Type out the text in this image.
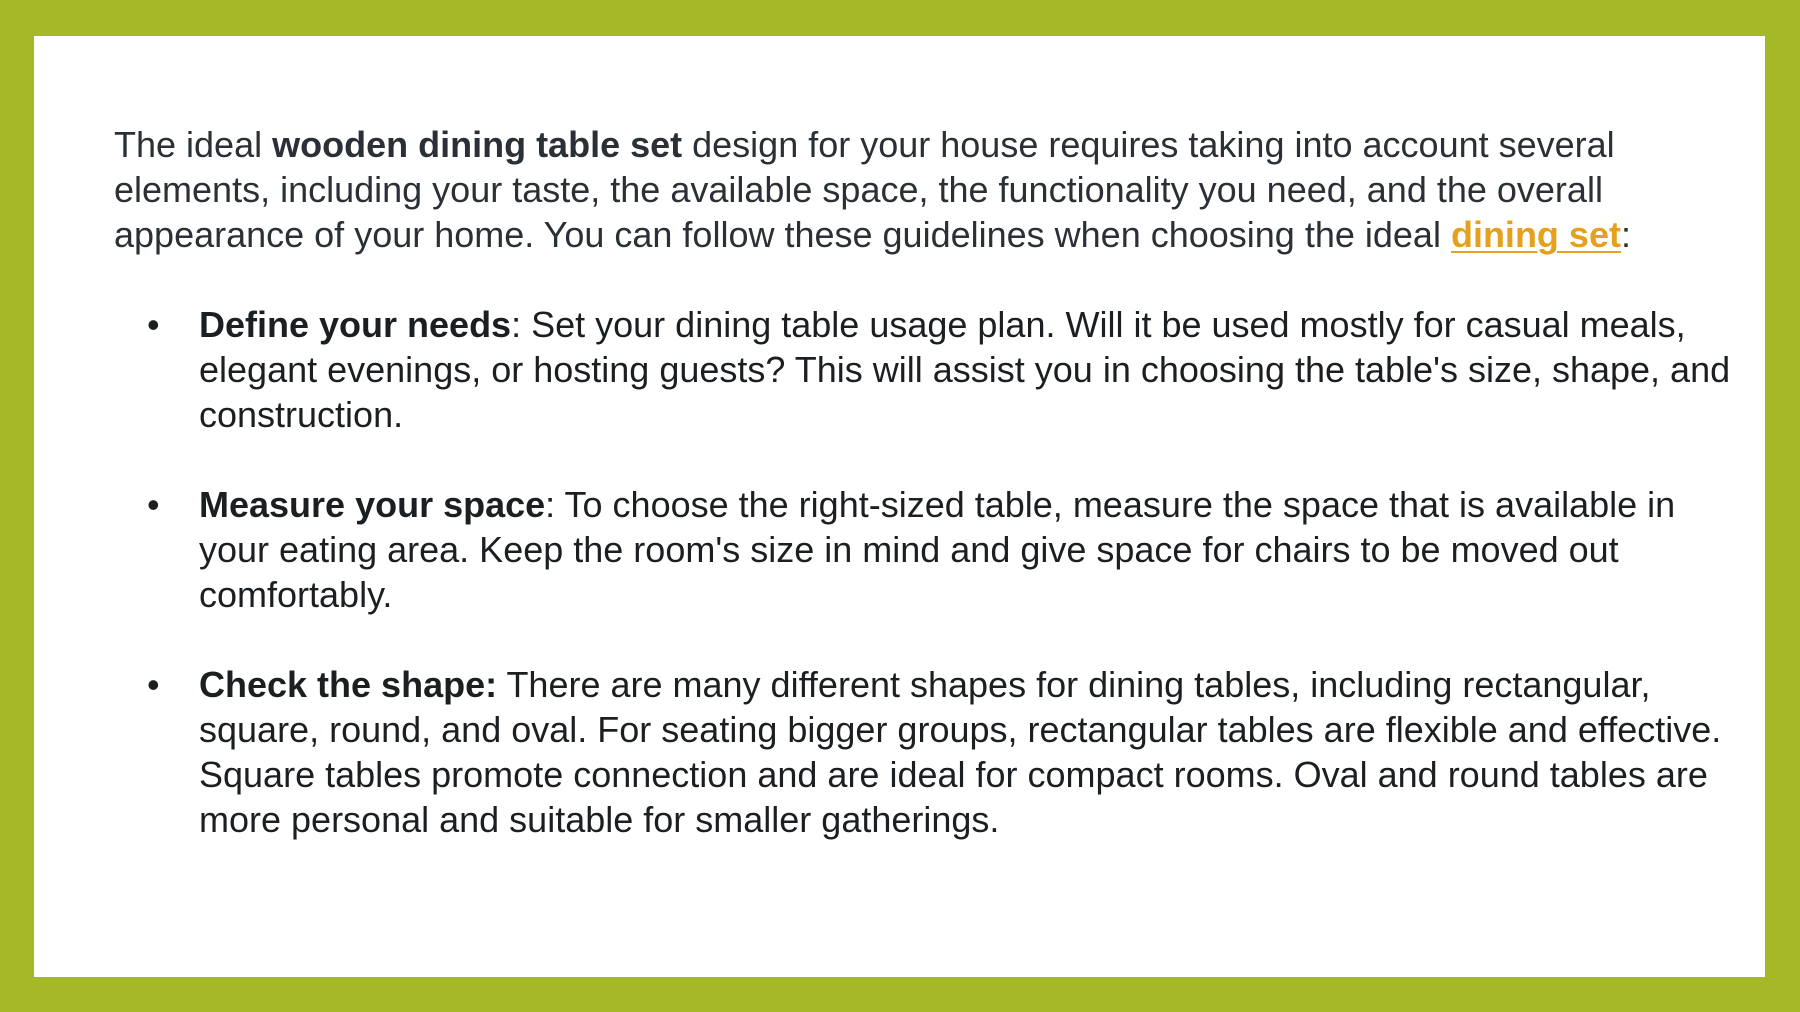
The ideal wooden dining table set design for your house requires taking into account several elements, including your taste, the available space, the functionality you need, and the overall appearance of your home. You can follow these guidelines when choosing the ideal dining set:

• Define your needs: Set your dining table usage plan. Will it be used mostly for casual meals, elegant evenings, or hosting guests? This will assist you in choosing the table's size, shape, and construction.
• Measure your space: To choose the right-sized table, measure the space that is available in your eating area. Keep the room's size in mind and give space for chairs to be moved out comfortably.
• Check the shape: There are many different shapes for dining tables, including rectangular, square, round, and oval. For seating bigger groups, rectangular tables are flexible and effective. Square tables promote connection and are ideal for compact rooms. Oval and round tables are more personal and suitable for smaller gatherings.
